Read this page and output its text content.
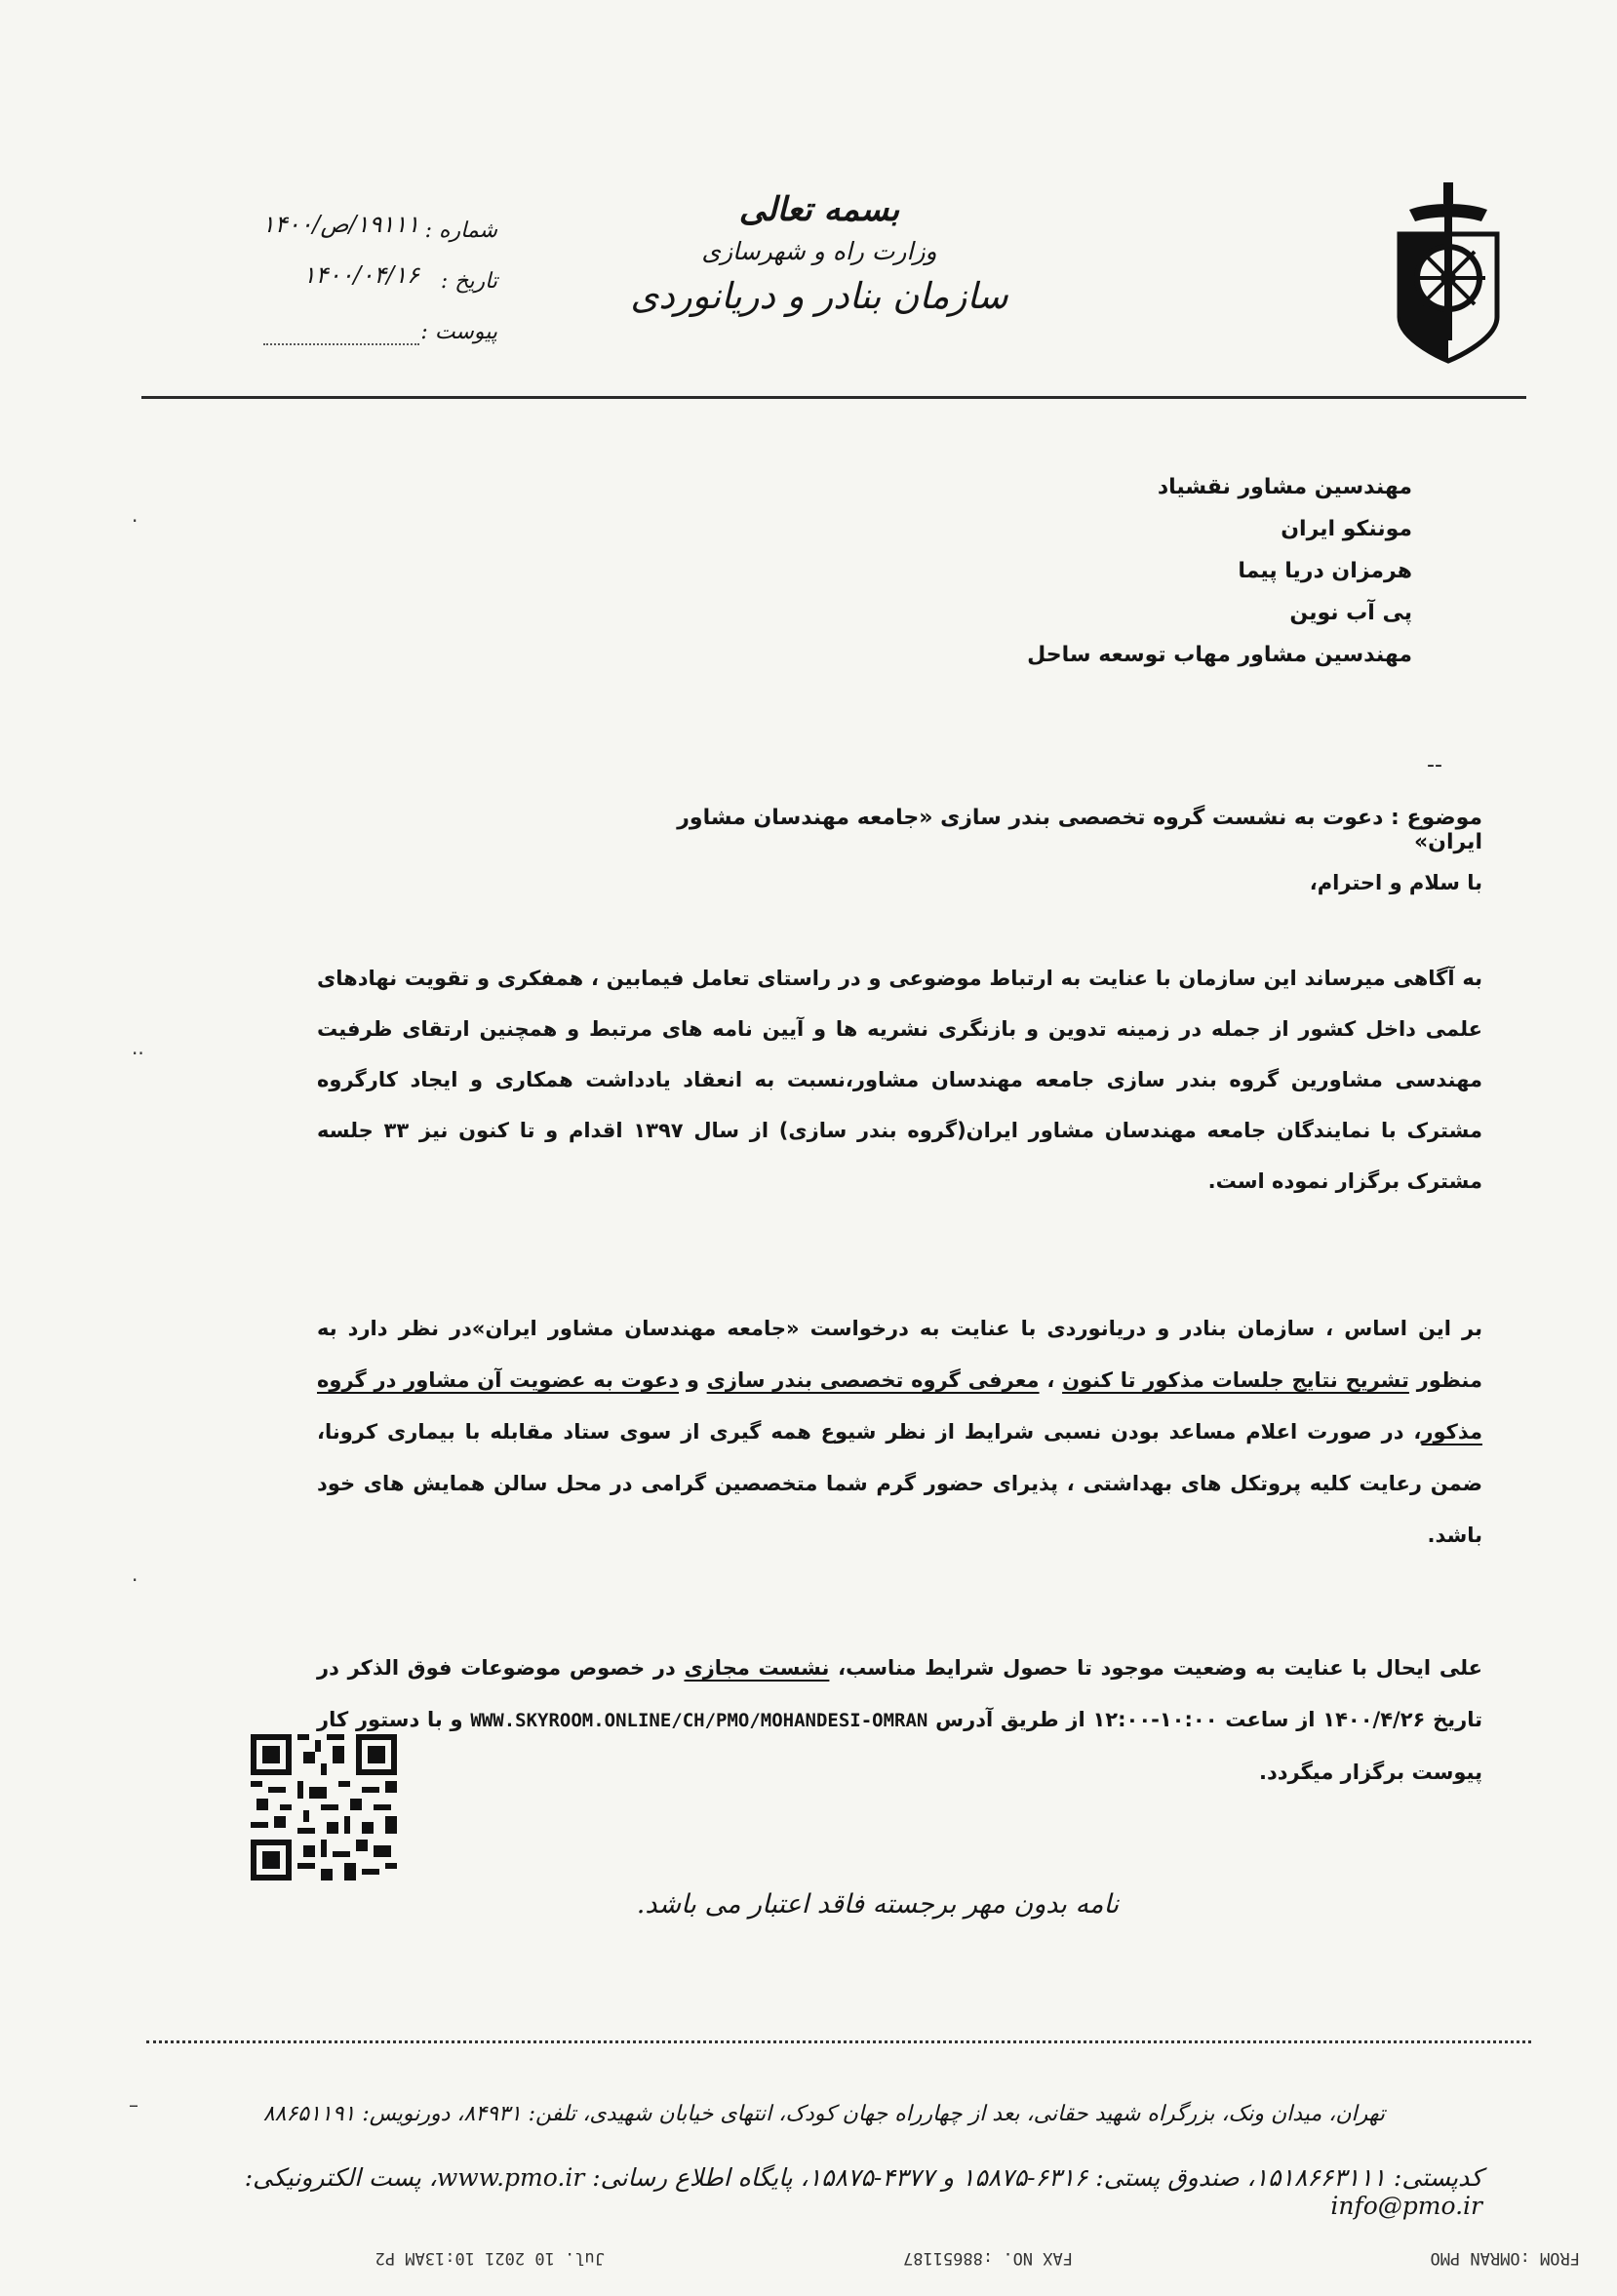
بسمه تعالی
وزارت راه و شهرسازی
سازمان بنادر و دریانوردی
شماره :
۱۹۱۱۱/ص/۱۴۰۰
تاریخ :
۱۴۰۰/۰۴/۱۶
پیوست :
مهندسین مشاور نقشیاد
موننکو ایران
هرمزان دریا پیما
پی آب نوین
مهندسین مشاور مهاب توسعه ساحل
--
·
··
·
–
موضوع : دعوت به نشست گروه تخصصی بندر سازی «جامعه مهندسان مشاور ایران»
با سلام و احترام،
به آگاهی میرساند این سازمان با عنایت به ارتباط موضوعی و در راستای تعامل فیمابین ، همفکری و تقویت نهادهای علمی داخل کشور از جمله در زمینه تدوین و بازنگری نشریه ها و آیین نامه های مرتبط و همچنین ارتقای ظرفیت مهندسی مشاورین گروه بندر سازی جامعه مهندسان مشاور،نسبت به انعقاد یادداشت همکاری و ایجاد کارگروه مشترک با نمایندگان جامعه مهندسان مشاور ایران(گروه بندر سازی) از سال ۱۳۹۷ اقدام و تا کنون نیز ۳۳ جلسه مشترک برگزار نموده است.
بر این اساس ، سازمان بنادر و دریانوردی با عنایت به درخواست «جامعه مهندسان مشاور ایران»در نظر دارد به منظور تشریح نتایج جلسات مذکور تا کنون ، معرفی گروه تخصصی بندر سازی و دعوت به عضویت آن مشاور در گروه مذکور، در صورت اعلام مساعد بودن نسبی شرایط از نظر شیوع همه گیری از سوی ستاد مقابله با بیماری کرونا، ضمن رعایت کلیه پروتکل های بهداشتی ، پذیرای حضور گرم شما متخصصین گرامی در محل سالن همایش های خود باشد.
علی ایحال با عنایت به وضعیت موجود تا حصول شرایط مناسب، نشست مجازی در خصوص موضوعات فوق الذکر در تاریخ ۱۴۰۰/۴/۲۶ از ساعت ۱۰:۰۰-۱۲:۰۰ از طریق آدرس WWW.SKYROOM.ONLINE/CH/PMO/MOHANDESI-OMRAN و با دستور کار پیوست برگزار میگردد.
نامه بدون مهر برجسته فاقد اعتبار می باشد.
تهران، میدان ونک، بزرگراه شهید حقانی، بعد از چهارراه جهان کودک، انتهای خیابان شهیدی، تلفن: ۸۴۹۳۱، دورنویس: ۸۸۶۵۱۱۹۱
کدپستی: ۱۵۱۸۶۶۳۱۱۱، صندوق پستی: ۶۳۱۶-۱۵۸۷۵ و ۴۳۷۷-۱۵۸۷۵، پایگاه اطلاع رسانی: www.pmo.ir، پست الکترونیکی: info@pmo.ir
FROM :OMRAN PMO
FAX NO. :88651187
Jul. 10 2021 10:13AM P2
